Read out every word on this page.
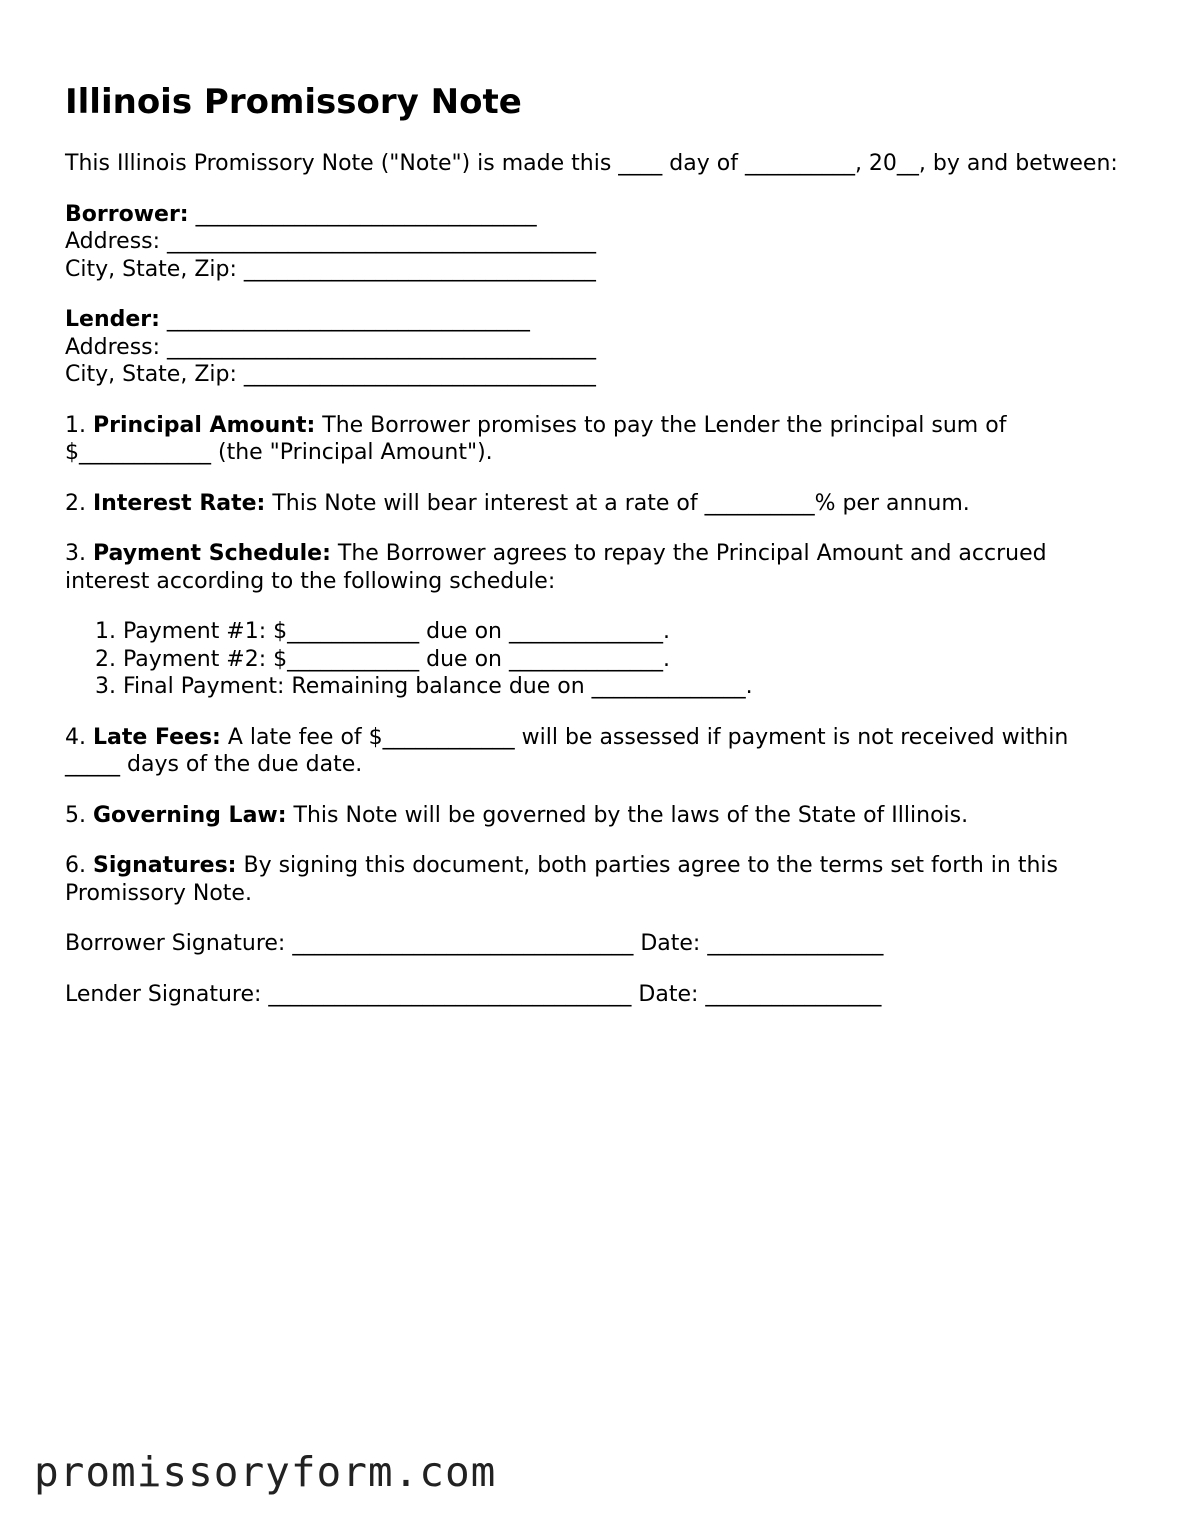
Illinois Promissory Note

This Illinois Promissory Note ("Note") is made this ____ day of __________, 20__, by and between:

Borrower: _______________________________
Address: _______________________________________
City, State, Zip: ________________________________
Lender: _________________________________
Address: _______________________________________
City, State, Zip: ________________________________

1. Principal Amount: The Borrower promises to pay the Lender the principal sum of $____________ (the "Principal Amount").

2. Interest Rate: This Note will bear interest at a rate of __________% per annum.

3. Payment Schedule: The Borrower agrees to repay the Principal Amount and accrued interest according to the following schedule:

1. Payment #1: $____________ due on ______________.
2. Payment #2: $____________ due on ______________.
3. Final Payment: Remaining balance due on ______________.

4. Late Fees: A late fee of $____________ will be assessed if payment is not received within _____ days of the due date.

5. Governing Law: This Note will be governed by the laws of the State of Illinois.

6. Signatures: By signing this document, both parties agree to the terms set forth in this Promissory Note.

Borrower Signature: _______________________________ Date: ________________
Lender Signature: _________________________________ Date: ________________
promissoryform.com
